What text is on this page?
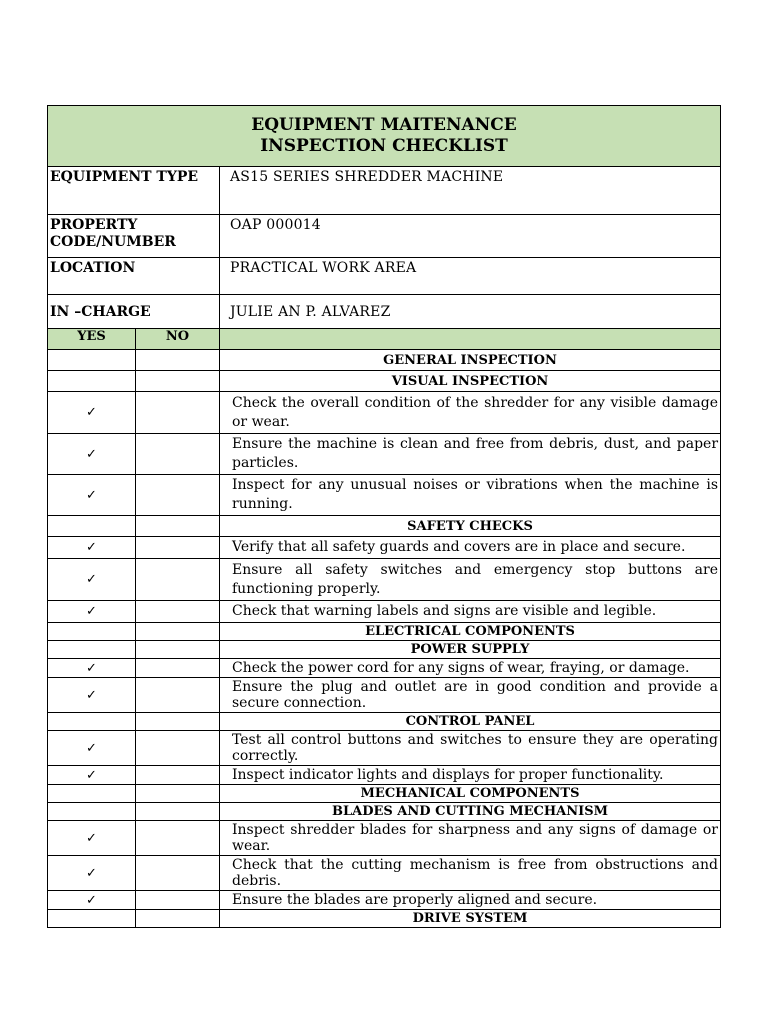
EQUIPMENT MAITENANCE
INSPECTION CHECKLIST		

EQUIPMENT TYPE		AS15 SERIES SHREDDER MACHINE
PROPERTY CODE/NUMBER		OAP 000014
LOCATION		PRACTICAL WORK AREA
IN –CHARGE		JULIE AN P. ALVAREZ
YES	NO	
		GENERAL INSPECTION
		VISUAL INSPECTION
✓		Check the overall condition of the shredder for any visible damage or wear.
✓		Ensure the machine is clean and free from debris, dust, and paper particles.
✓		Inspect for any unusual noises or vibrations when the machine is running.
		SAFETY CHECKS
✓		Verify that all safety guards and covers are in place and secure.
✓		Ensure all safety switches and emergency stop buttons are functioning properly.
✓		Check that warning labels and signs are visible and legible.
		ELECTRICAL COMPONENTS
		POWER SUPPLY
✓		Check the power cord for any signs of wear, fraying, or damage.
✓		Ensure the plug and outlet are in good condition and provide a secure connection.
		CONTROL PANEL
✓		Test all control buttons and switches to ensure they are operating correctly.
✓		Inspect indicator lights and displays for proper functionality.
		MECHANICAL COMPONENTS
		BLADES AND CUTTING MECHANISM
✓		Inspect shredder blades for sharpness and any signs of damage or wear.
✓		Check that the cutting mechanism is free from obstructions and debris.
✓		Ensure the blades are properly aligned and secure.
		DRIVE SYSTEM
